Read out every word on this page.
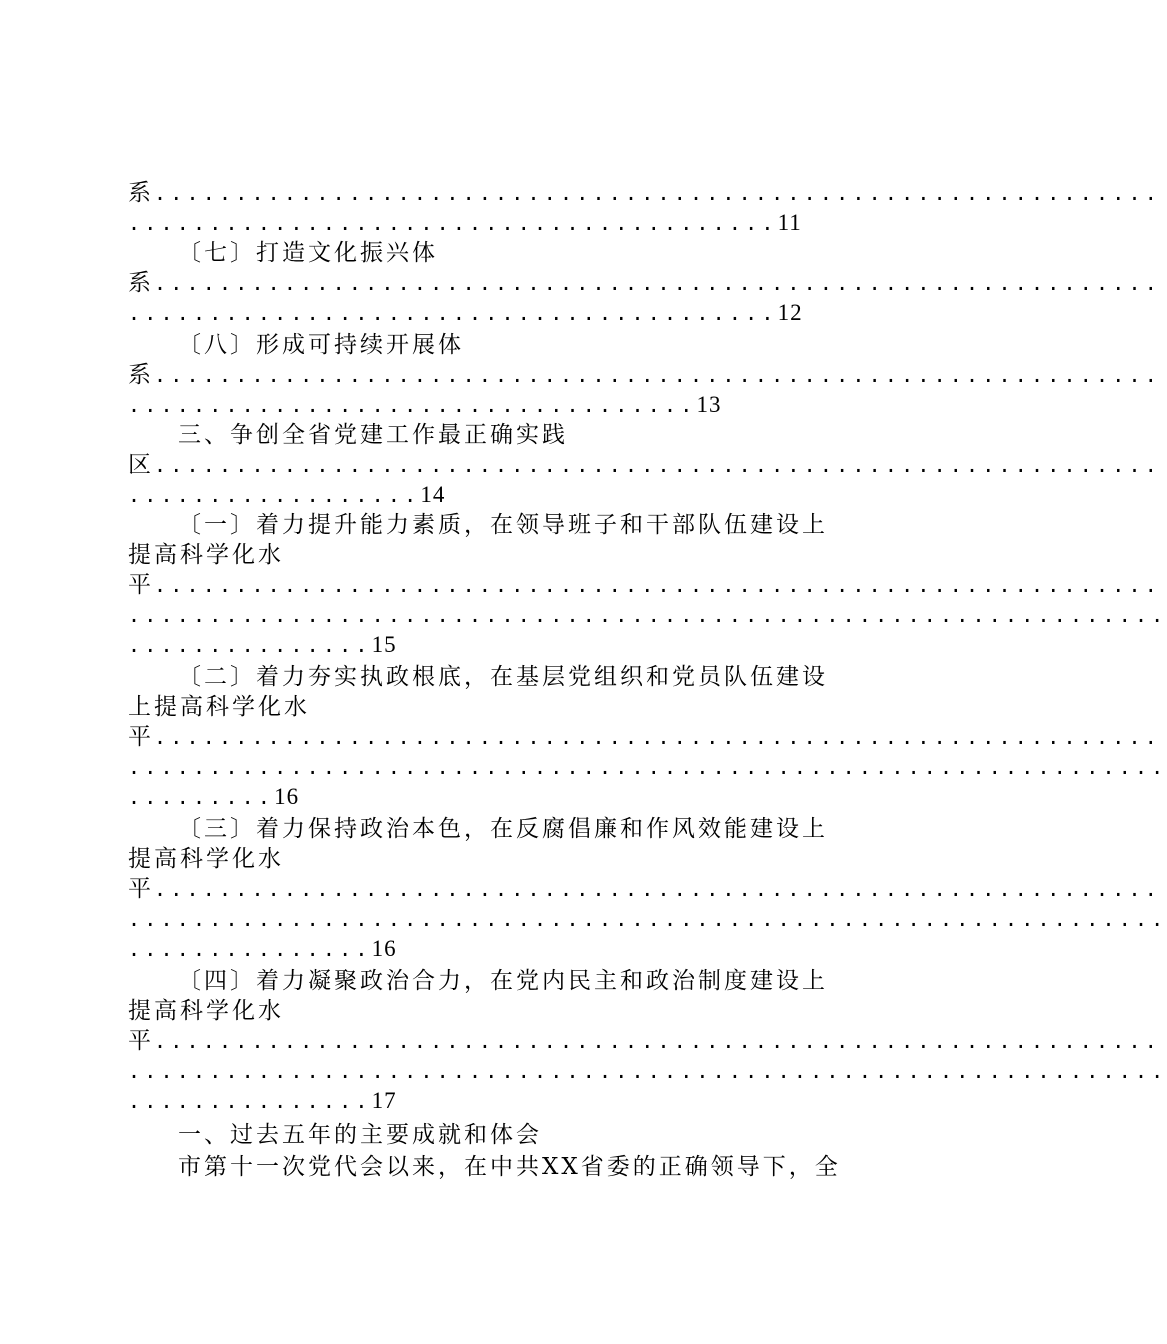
系..............................................................
........................................11
〔七〕打造文化振兴体
系..............................................................
........................................12
〔八〕形成可持续开展体
系..............................................................
...................................13
三、争创全省党建工作最正确实践
区..............................................................
..................14
〔一〕着力提升能力素质，在领导班子和干部队伍建设上
提高科学化水
平..............................................................
................................................................
...............15
〔二〕着力夯实执政根底，在基层党组织和党员队伍建设
上提高科学化水
平..............................................................
................................................................
.........16
〔三〕着力保持政治本色，在反腐倡廉和作风效能建设上
提高科学化水
平..............................................................
................................................................
...............16
〔四〕着力凝聚政治合力，在党内民主和政治制度建设上
提高科学化水
平..............................................................
................................................................
...............17
一、过去五年的主要成就和体会
市第十一次党代会以来，在中共XX省委的正确领导下，全
